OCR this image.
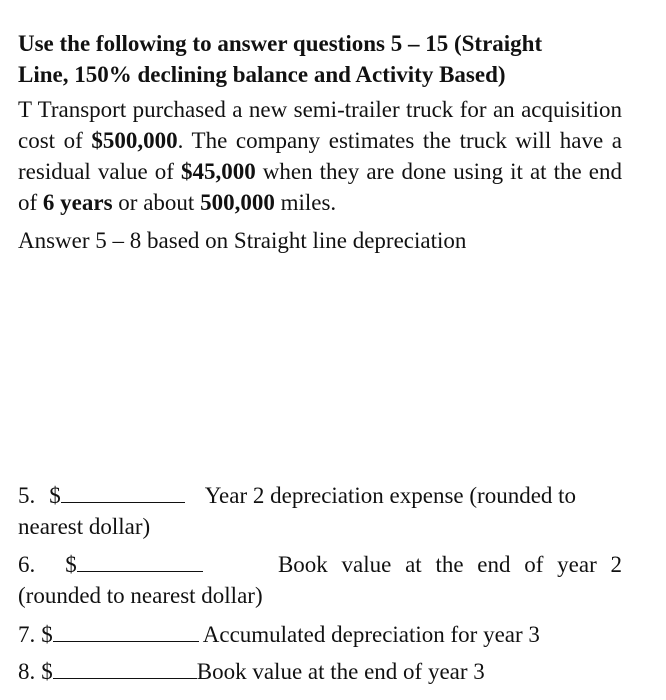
Use the following to answer questions 5 – 15 (Straight
Line, 150% declining balance and Activity Based)

T Transport purchased a new semi-trailer truck for an acquisition cost of $500,000. The company estimates the truck will have a residual value of $45,000 when they are done using it at the end of 6 years or about 500,000 miles.

Answer 5 – 8 based on Straight line depreciation

5. $	Year 2 depreciation expense (rounded to
nearest dollar)
6. $	Book value at the end of year 2
(rounded to nearest dollar)
7. $	Accumulated depreciation for year 3
8. $	Book value at the end of year 3
